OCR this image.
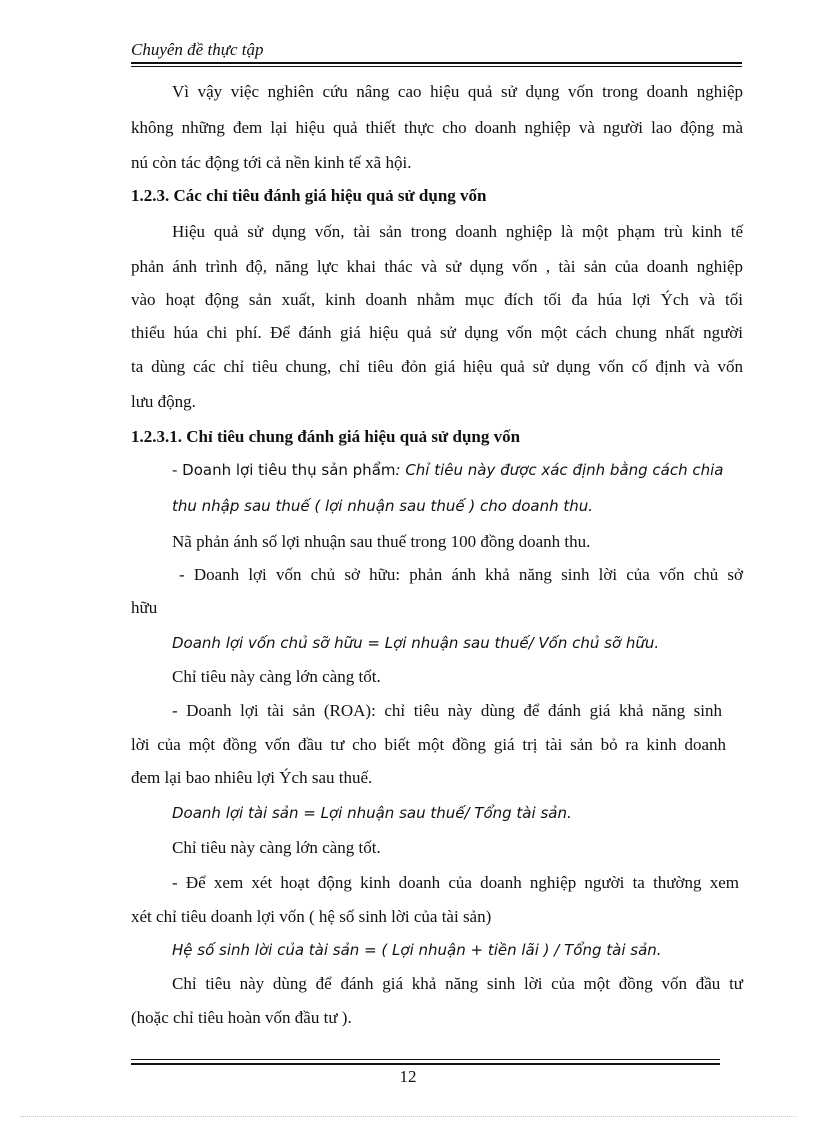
Chuyên đề thực tập
Vì vậy việc nghiên cứu nâng cao hiệu quả sử dụng vốn trong doanh nghiệp
không những đem lại hiệu quả thiết thực cho doanh nghiệp và người lao động mà
nú còn tác động tới cả nền kinh tế xã hội.
1.2.3. Các chỉ tiêu đánh giá hiệu quả sử dụng vốn
Hiệu quả sử dụng vốn, tài sản trong doanh nghiệp là một phạm trù kinh tế
phản ánh trình độ, năng lực khai thác và sử dụng vốn , tài sản của doanh nghiệp
vào hoạt động sản xuất, kinh doanh nhằm mục đích tối đa húa lợi Ých và tối
thiểu húa chi phí. Để đánh giá hiệu quả sử dụng vốn một cách chung nhất người
ta dùng các chỉ tiêu chung, chỉ tiêu đỏn giá hiệu quả sử dụng vốn cố định và vốn
lưu động.
1.2.3.1. Chỉ tiêu chung đánh giá hiệu quả sử dụng vốn
- Doanh lợi tiêu thụ sản phẩm: Chỉ tiêu này được xác định bằng cách chia
thu nhập sau thuế ( lợi nhuận sau thuế ) cho doanh thu.
Nã phản ánh số lợi nhuận sau thuế trong 100 đồng doanh thu.
- Doanh lợi vốn chủ sở hữu: phản ánh khả năng sinh lời của vốn chủ sở
hữu
Doanh lợi vốn chủ sỡ hữu = Lợi nhuận sau thuế/ Vốn chủ sỡ hữu.
Chỉ tiêu này càng lớn càng tốt.
- Doanh lợi tài sản (ROA): chỉ tiêu này dùng để đánh giá khả năng sinh
lời của một đồng vốn đầu tư cho biết một đồng giá trị tài sản bỏ ra kinh doanh
đem lại bao nhiêu lợi Ých sau thuế.
Doanh lợi tài sản = Lợi nhuận sau thuế/ Tổng tài sản.
Chỉ tiêu này càng lớn càng tốt.
- Để xem xét hoạt động kinh doanh của doanh nghiệp người ta thường xem
xét chỉ tiêu doanh lợi vốn ( hệ số sinh lời của tài sản)
Hệ số sinh lời của tài sản = ( Lợi nhuận + tiền lãi ) / Tổng tài sản.
Chỉ tiêu này dùng để đánh giá khả năng sinh lời của một đồng vốn đầu tư
(hoặc chỉ tiêu hoàn vốn đầu tư ).
12
